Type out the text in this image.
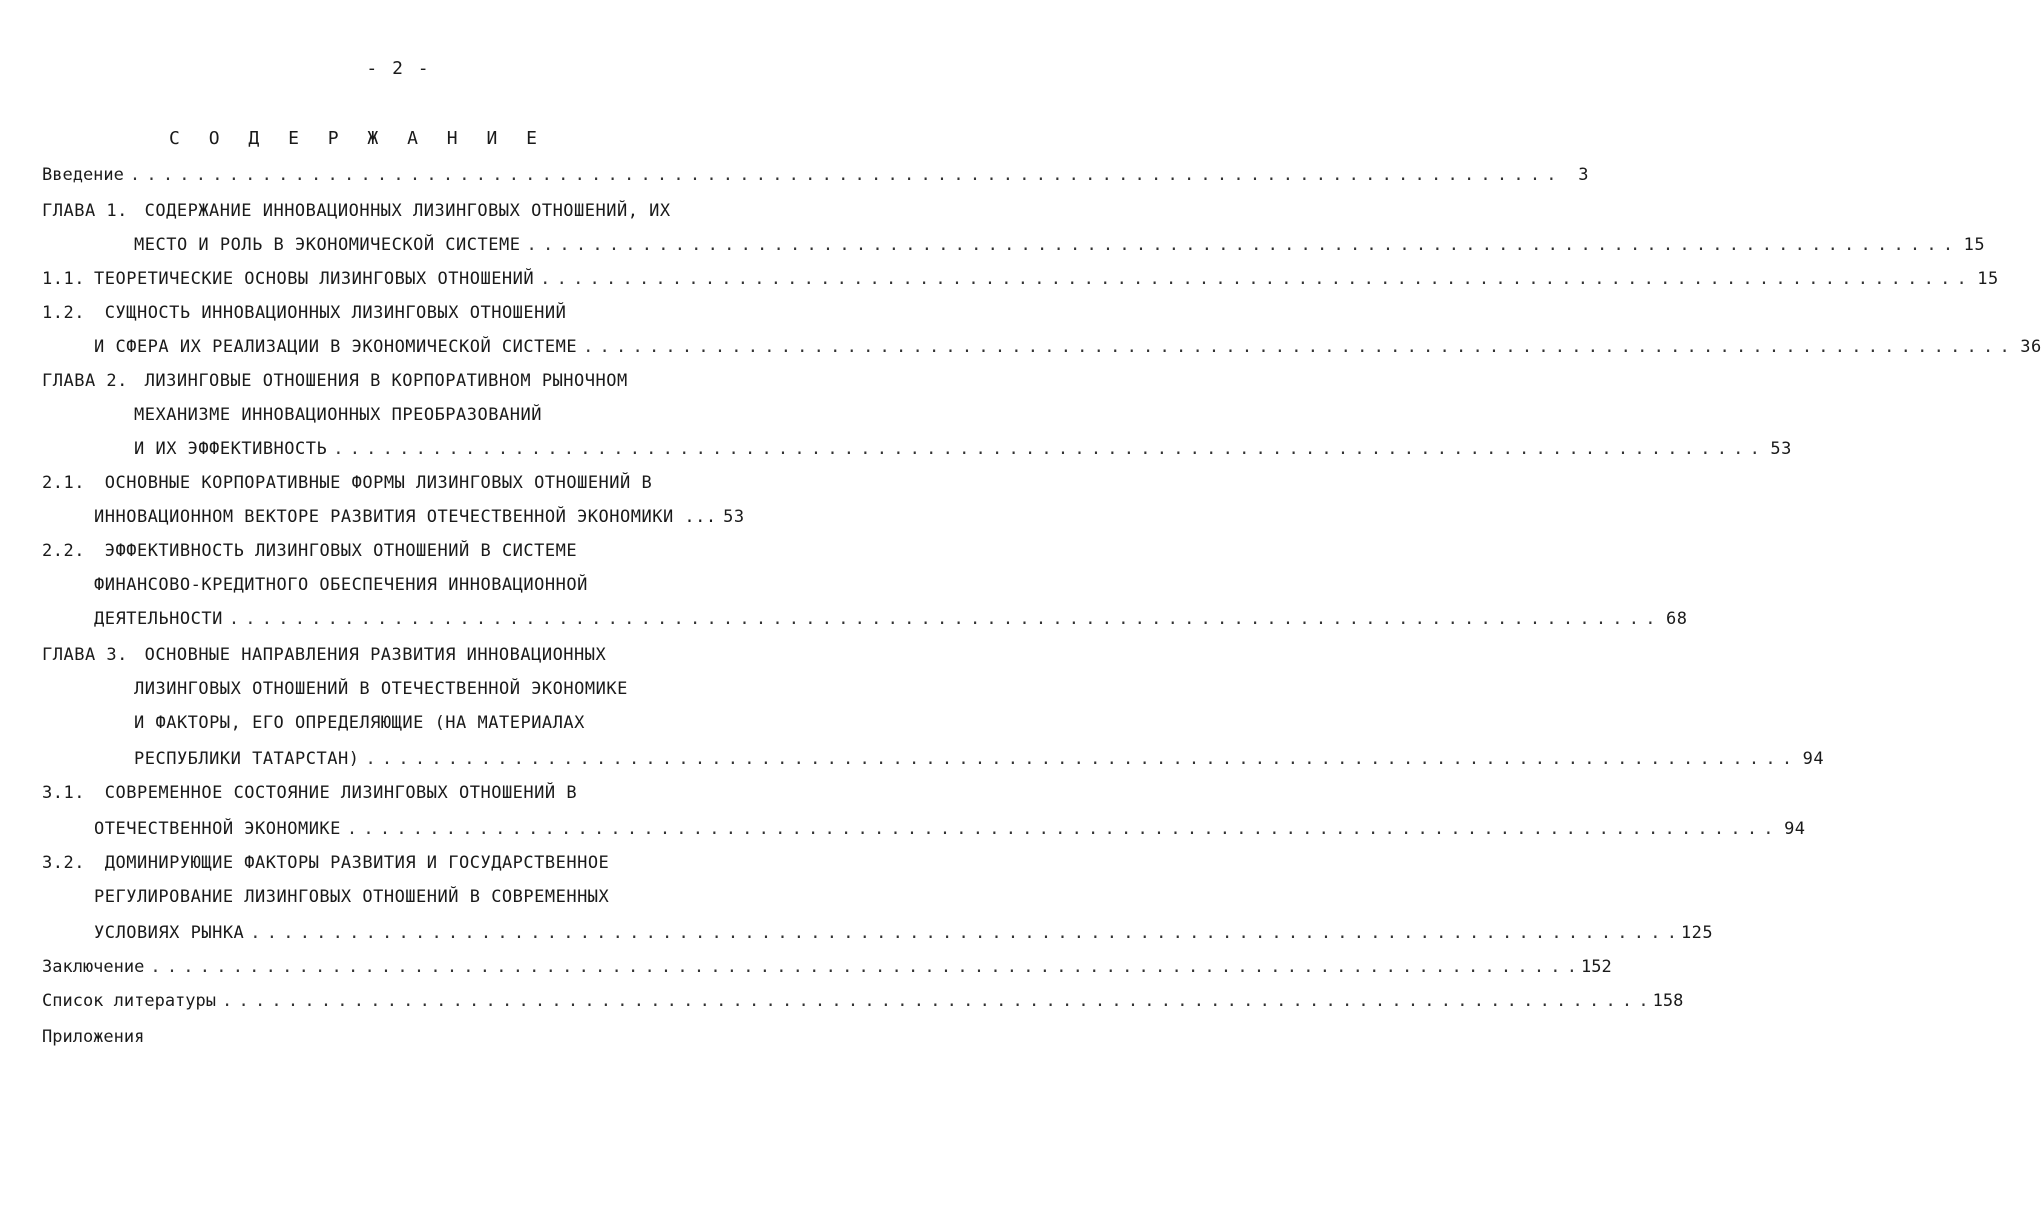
- 2 -
С О Д Е Р Ж А Н И Е
Введение . . .	3
ГЛАВА 1. СОДЕРЖАНИЕ ИННОВАЦИОННЫХ ЛИЗИНГОВЫХ ОТНОШЕНИЙ, ИХ
МЕСТО И РОЛЬ В ЭКОНОМИЧЕСКОЙ СИСТЕМЕ . . .	15
1.1. ТЕОРЕТИЧЕСКИЕ ОСНОВЫ ЛИЗИНГОВЫХ ОТНОШЕНИЙ . . .	15
1.2. СУЩНОСТЬ ИННОВАЦИОННЫХ ЛИЗИНГОВЫХ ОТНОШЕНИЙ
И СФЕРА ИХ РЕАЛИЗАЦИИ В ЭКОНОМИЧЕСКОЙ СИСТЕМЕ . . .	36
ГЛАВА 2. ЛИЗИНГОВЫЕ ОТНОШЕНИЯ В КОРПОРАТИВНОМ РЫНОЧНОМ
МЕХАНИЗМЕ ИННОВАЦИОННЫХ ПРЕОБРАЗОВАНИЙ
И ИХ ЭФФЕКТИВНОСТЬ . . .	53
2.1. ОСНОВНЫЕ КОРПОРАТИВНЫЕ ФОРМЫ ЛИЗИНГОВЫХ ОТНОШЕНИЙ В
ИННОВАЦИОННОМ ВЕКТОРЕ РАЗВИТИЯ ОТЕЧЕСТВЕННОЙ ЭКОНОМИКИ ... 53
2.2. ЭФФЕКТИВНОСТЬ ЛИЗИНГОВЫХ ОТНОШЕНИЙ В СИСТЕМЕ
ФИНАНСОВО-КРЕДИТНОГО ОБЕСПЕЧЕНИЯ ИННОВАЦИОННОЙ
ДЕЯТЕЛЬНОСТИ . . .	68
ГЛАВА 3. ОСНОВНЫЕ НАПРАВЛЕНИЯ РАЗВИТИЯ ИННОВАЦИОННЫХ
ЛИЗИНГОВЫХ ОТНОШЕНИЙ В ОТЕЧЕСТВЕННОЙ ЭКОНОМИКЕ
И ФАКТОРЫ, ЕГО ОПРЕДЕЛЯЮЩИЕ (НА МАТЕРИАЛАХ
РЕСПУБЛИКИ ТАТАРСТАН) . . .	94
3.1. СОВРЕМЕННОЕ СОСТОЯНИЕ ЛИЗИНГОВЫХ ОТНОШЕНИЙ В
ОТЕЧЕСТВЕННОЙ ЭКОНОМИКЕ . . .	94
3.2. ДОМИНИРУЮЩИЕ ФАКТОРЫ РАЗВИТИЯ И ГОСУДАРСТВЕННОЕ
РЕГУЛИРОВАНИЕ ЛИЗИНГОВЫХ ОТНОШЕНИЙ В СОВРЕМЕННЫХ
УСЛОВИЯХ РЫНКА . . .	125
Заключение . . .	152
Список литературы . . .	158
Приложения
